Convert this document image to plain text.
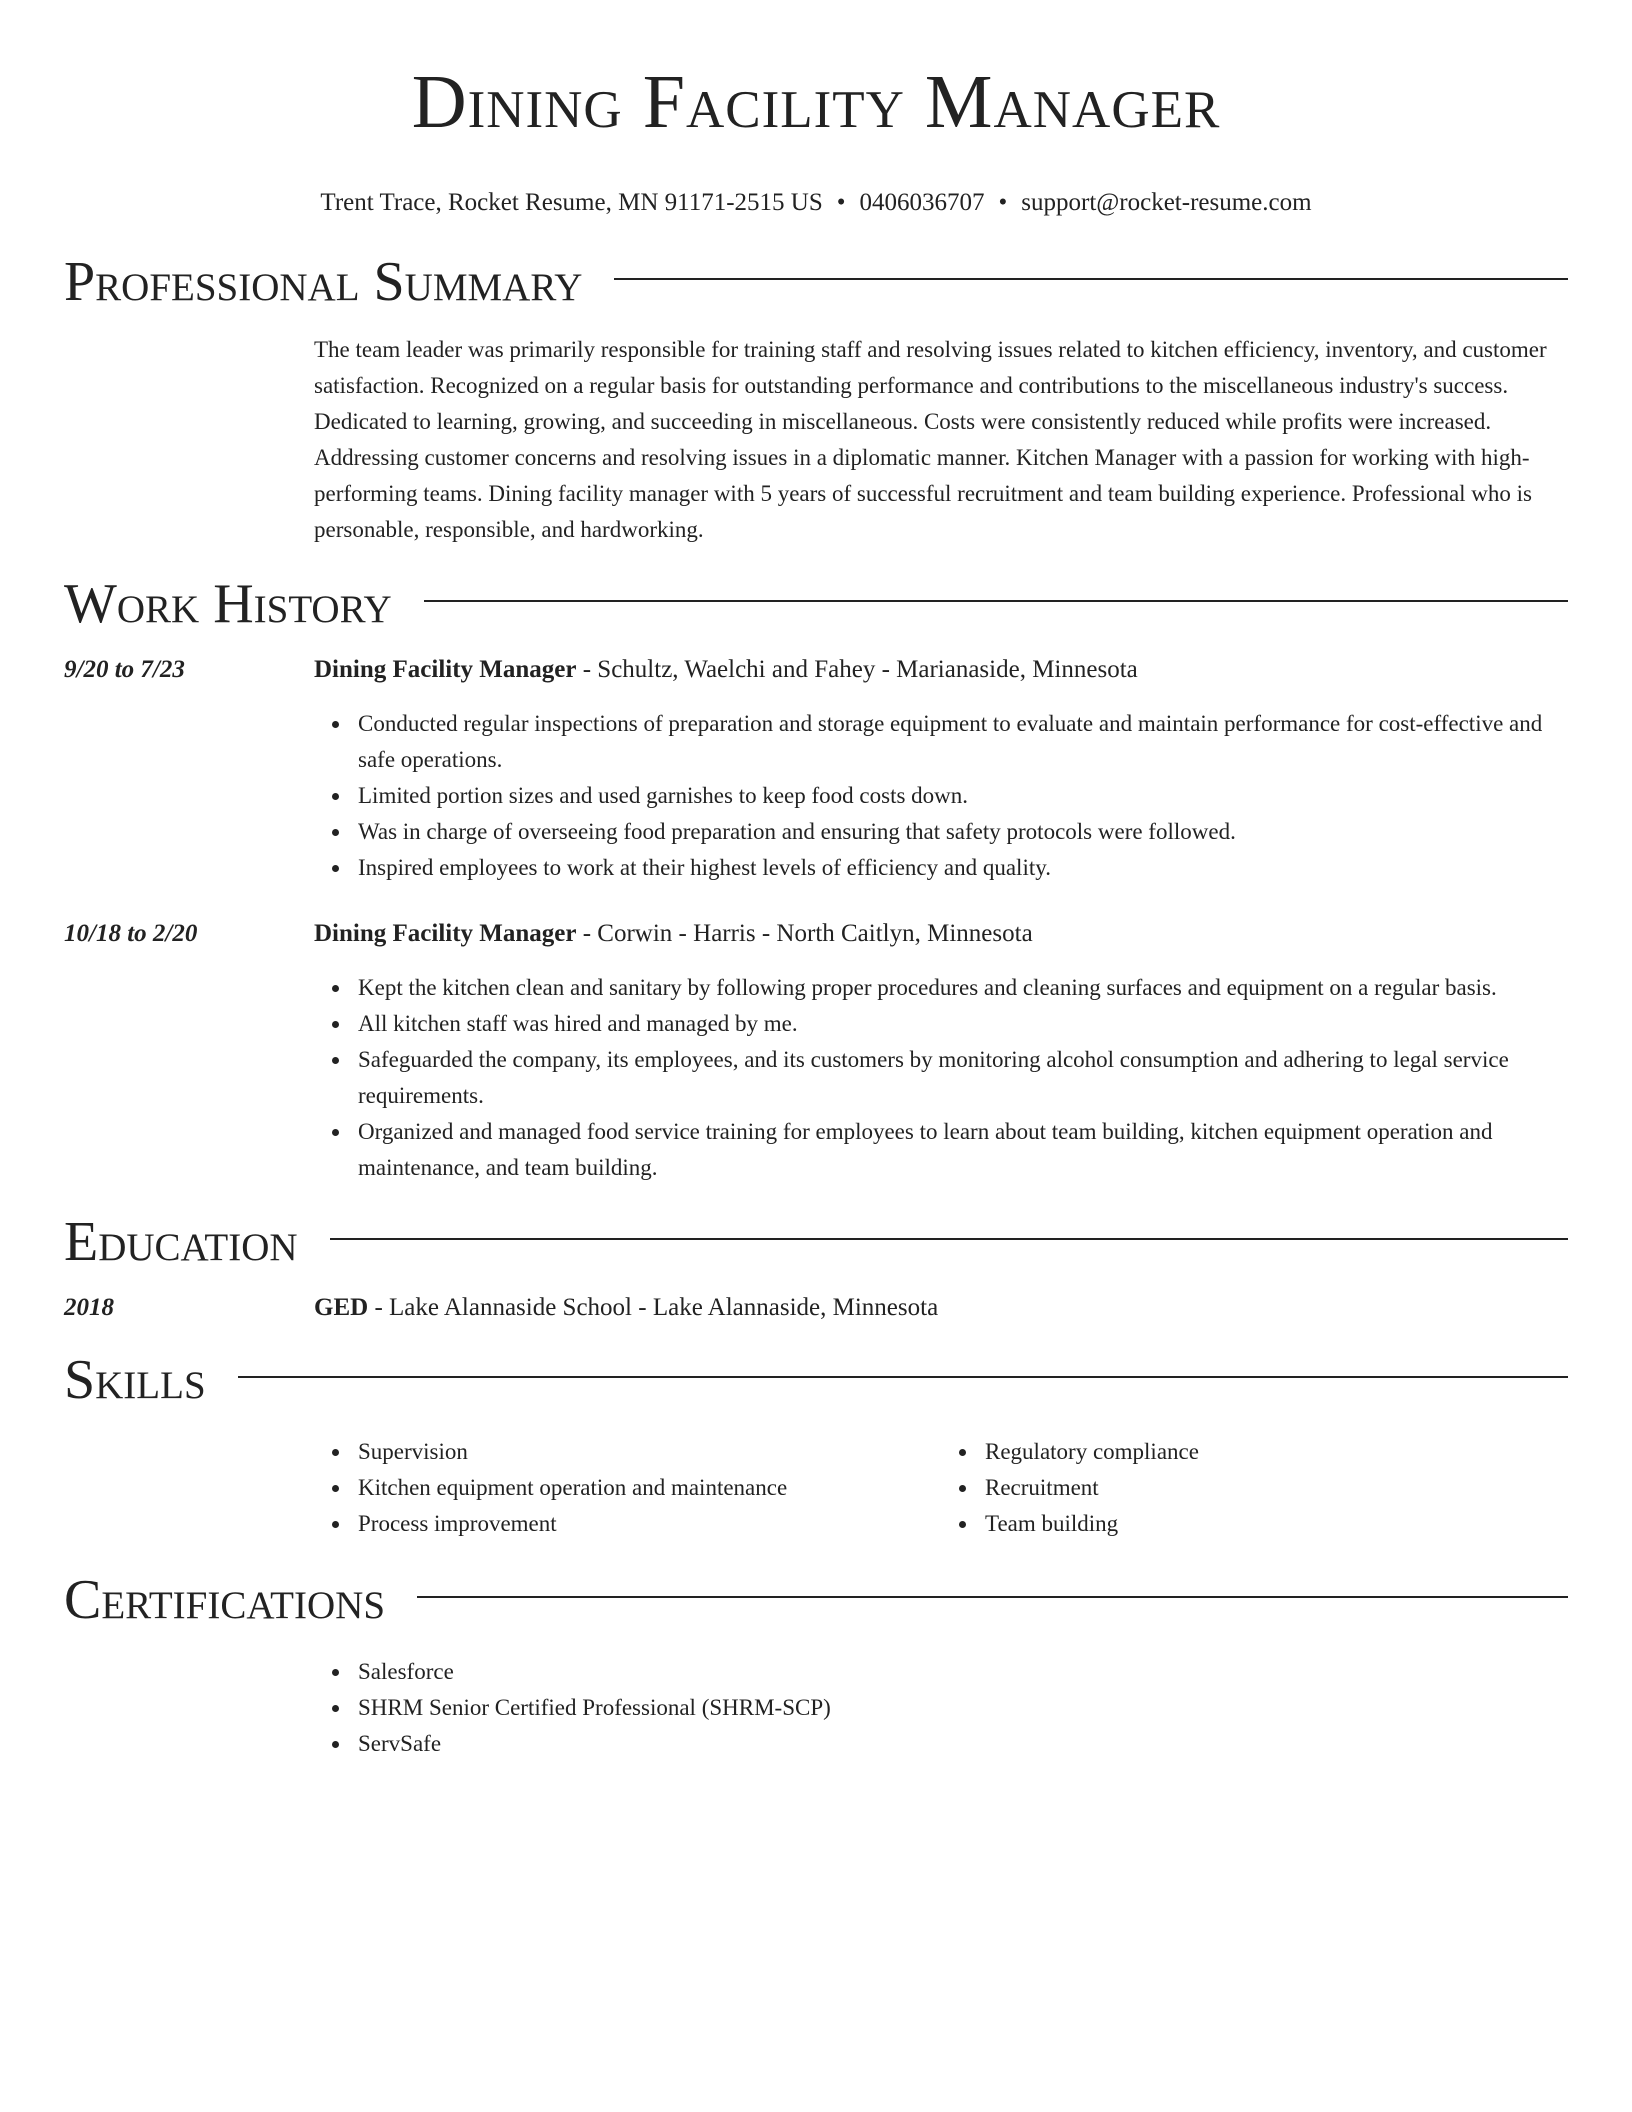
Dining Facility Manager
Trent Trace, Rocket Resume, MN 91171-2515 US • 0406036707 • support@rocket-resume.com
Professional Summary

The team leader was primarily responsible for training staff and resolving issues related to kitchen efficiency, inventory, and customer satisfaction. Recognized on a regular basis for outstanding performance and contributions to the miscellaneous industry's success. Dedicated to learning, growing, and succeeding in miscellaneous. Costs were consistently reduced while profits were increased. Addressing customer concerns and resolving issues in a diplomatic manner. Kitchen Manager with a passion for working with high-performing teams. Dining facility manager with 5 years of successful recruitment and team building experience. Professional who is personable, responsible, and hardworking.

Work History
9/20 to 7/23	Dining Facility Manager - Schultz, Waelchi and Fahey - Marianaside, Minnesota
Conducted regular inspections of preparation and storage equipment to evaluate and maintain performance for cost-effective and safe operations.
Limited portion sizes and used garnishes to keep food costs down.
Was in charge of overseeing food preparation and ensuring that safety protocols were followed.
Inspired employees to work at their highest levels of efficiency and quality.
10/18 to 2/20	Dining Facility Manager - Corwin - Harris - North Caitlyn, Minnesota
Kept the kitchen clean and sanitary by following proper procedures and cleaning surfaces and equipment on a regular basis.
All kitchen staff was hired and managed by me.
Safeguarded the company, its employees, and its customers by monitoring alcohol consumption and adhering to legal service requirements.
Organized and managed food service training for employees to learn about team building, kitchen equipment operation and maintenance, and team building.
Education
2018	GED - Lake Alannaside School - Lake Alannaside, Minnesota
Skills
Supervision
Kitchen equipment operation and maintenance
Process improvement
Regulatory compliance
Recruitment
Team building
Certifications
Salesforce
SHRM Senior Certified Professional (SHRM-SCP)
ServSafe
